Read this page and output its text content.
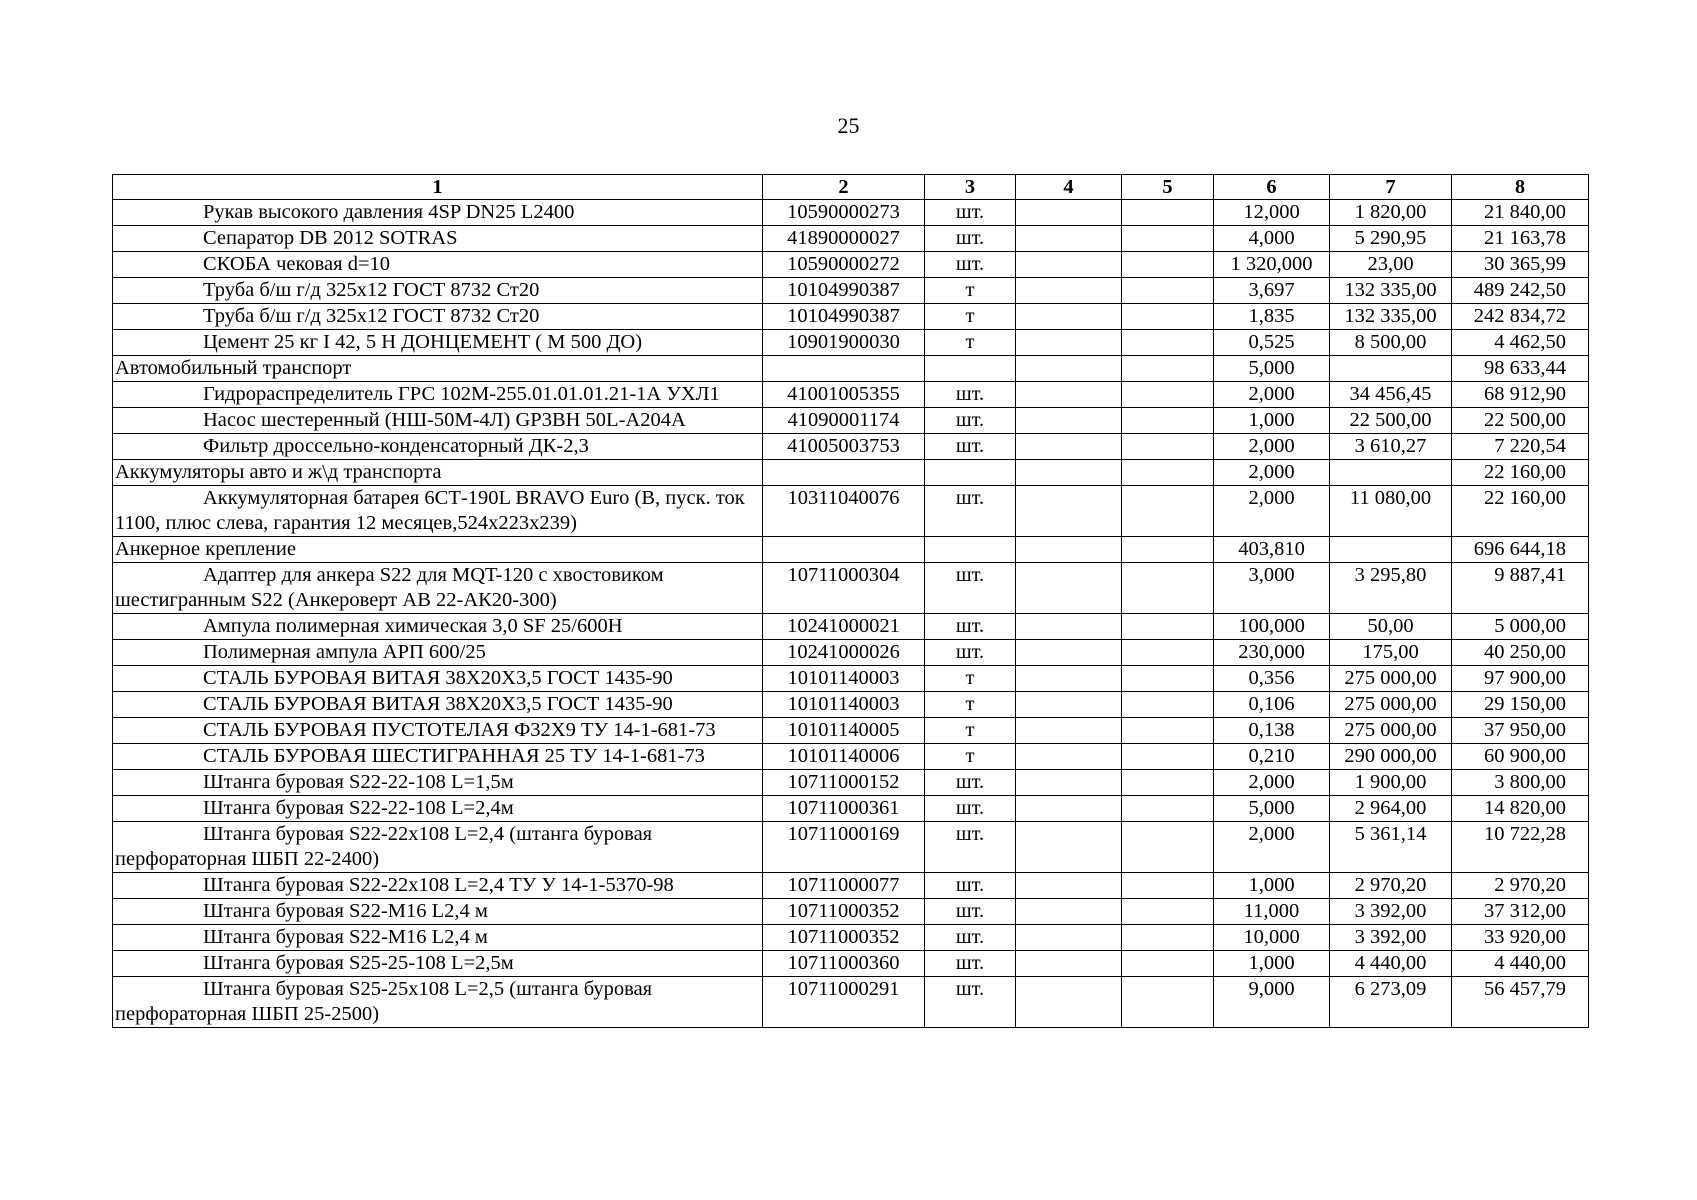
25
1	2	3	4	5	6	7	8
Рукав высокого давления 4SP DN25 L2400	10590000273	шт.			12,000	1 820,00	21 840,00
Сепаратор DB 2012 SOTRAS	41890000027	шт.			4,000	5 290,95	21 163,78
СКОБА чековая d=10	10590000272	шт.			1 320,000	23,00	30 365,99
Труба б/ш г/д 325х12 ГОСТ 8732 Ст20	10104990387	т			3,697	132 335,00	489 242,50
Труба б/ш г/д 325х12 ГОСТ 8732 Ст20	10104990387	т			1,835	132 335,00	242 834,72
Цемент 25 кг I 42, 5 Н ДОНЦЕМЕНТ ( М 500 ДО)	10901900030	т			0,525	8 500,00	4 462,50
Автомобильный транспорт					5,000		98 633,44
Гидрораспределитель ГРС 102М-255.01.01.01.21-1А УХЛ1	41001005355	шт.			2,000	34 456,45	68 912,90
Насос шестеренный (НШ-50М-4Л) GP3BH 50L-A204A	41090001174	шт.			1,000	22 500,00	22 500,00
Фильтр дроссельно-конденсаторный ДК-2,3	41005003753	шт.			2,000	3 610,27	7 220,54
Аккумуляторы авто и ж\д транспорта					2,000		22 160,00
Аккумуляторная батарея 6СТ-190L BRAVO Euro (B, пуск. ток 1100, плюс слева, гарантия 12 месяцев,524x223x239)	10311040076	шт.			2,000	11 080,00	22 160,00
Анкерное крепление					403,810		696 644,18
Адаптер для анкера S22 для MQT-120 с хвостовиком шестигранным S22 (Анкероверт АВ 22-АК20-300)	10711000304	шт.			3,000	3 295,80	9 887,41
Ампула полимерная химическая 3,0 SF 25/600H	10241000021	шт.			100,000	50,00	5 000,00
Полимерная ампула АРП 600/25	10241000026	шт.			230,000	175,00	40 250,00
СТАЛЬ БУРОВАЯ ВИТАЯ 38Х20Х3,5 ГОСТ 1435-90	10101140003	т			0,356	275 000,00	97 900,00
СТАЛЬ БУРОВАЯ ВИТАЯ 38Х20Х3,5 ГОСТ 1435-90	10101140003	т			0,106	275 000,00	29 150,00
СТАЛЬ БУРОВАЯ ПУСТОТЕЛАЯ Ф32Х9 ТУ 14-1-681-73	10101140005	т			0,138	275 000,00	37 950,00
СТАЛЬ БУРОВАЯ ШЕСТИГРАННАЯ 25 ТУ 14-1-681-73	10101140006	т			0,210	290 000,00	60 900,00
Штанга буровая S22-22-108 L=1,5м	10711000152	шт.			2,000	1 900,00	3 800,00
Штанга буровая S22-22-108 L=2,4м	10711000361	шт.			5,000	2 964,00	14 820,00
Штанга буровая S22-22x108 L=2,4 (штанга буровая перфораторная ШБП 22-2400)	10711000169	шт.			2,000	5 361,14	10 722,28
Штанга буровая S22-22x108 L=2,4 ТУ У 14-1-5370-98	10711000077	шт.			1,000	2 970,20	2 970,20
Штанга буровая S22-M16 L2,4 м	10711000352	шт.			11,000	3 392,00	37 312,00
Штанга буровая S22-M16 L2,4 м	10711000352	шт.			10,000	3 392,00	33 920,00
Штанга буровая S25-25-108 L=2,5м	10711000360	шт.			1,000	4 440,00	4 440,00
Штанга буровая S25-25x108 L=2,5 (штанга буровая перфораторная ШБП 25-2500)	10711000291	шт.			9,000	6 273,09	56 457,79
